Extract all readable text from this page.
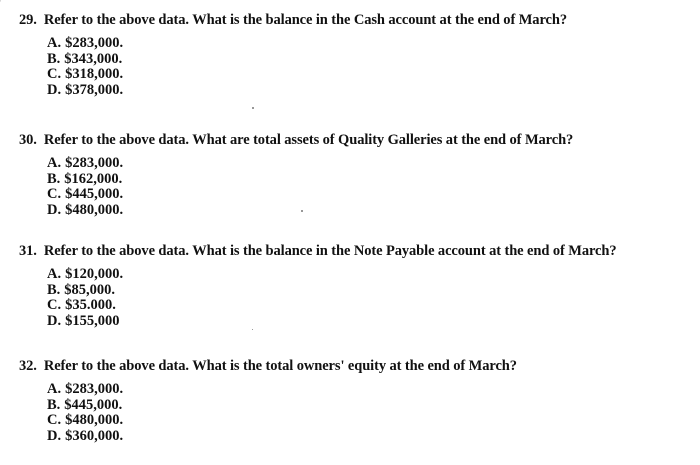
29. Refer to the above data. What is the balance in the Cash account at the end of March?
A. $283,000.
B. $343,000.
C. $318,000.
D. $378,000.
30. Refer to the above data. What are total assets of Quality Galleries at the end of March?
A. $283,000.
B. $162,000.
C. $445,000.
D. $480,000.
31. Refer to the above data. What is the balance in the Note Payable account at the end of March?
A. $120,000.
B. $85,000.
C. $35.000.
D. $155,000
32. Refer to the above data. What is the total owners' equity at the end of March?
A. $283,000.
B. $445,000.
C. $480,000.
D. $360,000.
